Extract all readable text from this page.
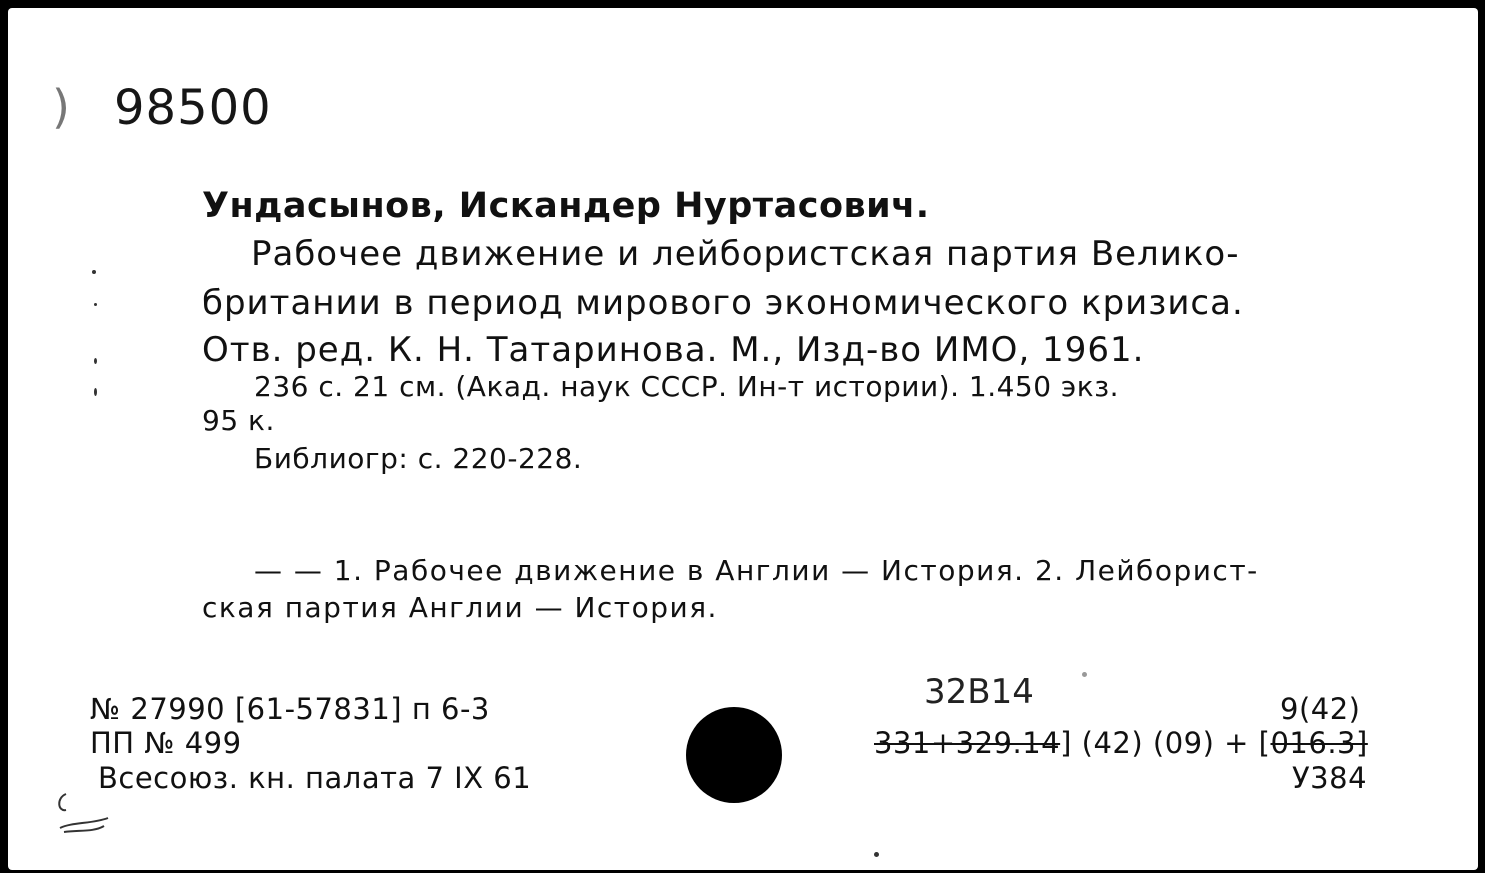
) 98500
Ундасынов, Искандер Нуртасович.
Рабочее движение и лейбористская партия Велико-
британии в период мирового экономического кризиса.
Отв. ред. К. Н. Татаринова. М., Изд-во ИМО, 1961.
236 с. 21 см. (Акад. наук СССР. Ин-т истории). 1.450 экз.
95 к.
Библиогр: с. 220-228.
— — 1. Рабочее движение в Англии — История. 2. Лейборист-
ская партия Англии — История.
№ 27990 [61-57831] п 6-3
ПП № 499
Всесоюз. кн. палата 7 IX 61
32В14	9(42)
331+329.14] (42) (09) + [016.3]
У384
